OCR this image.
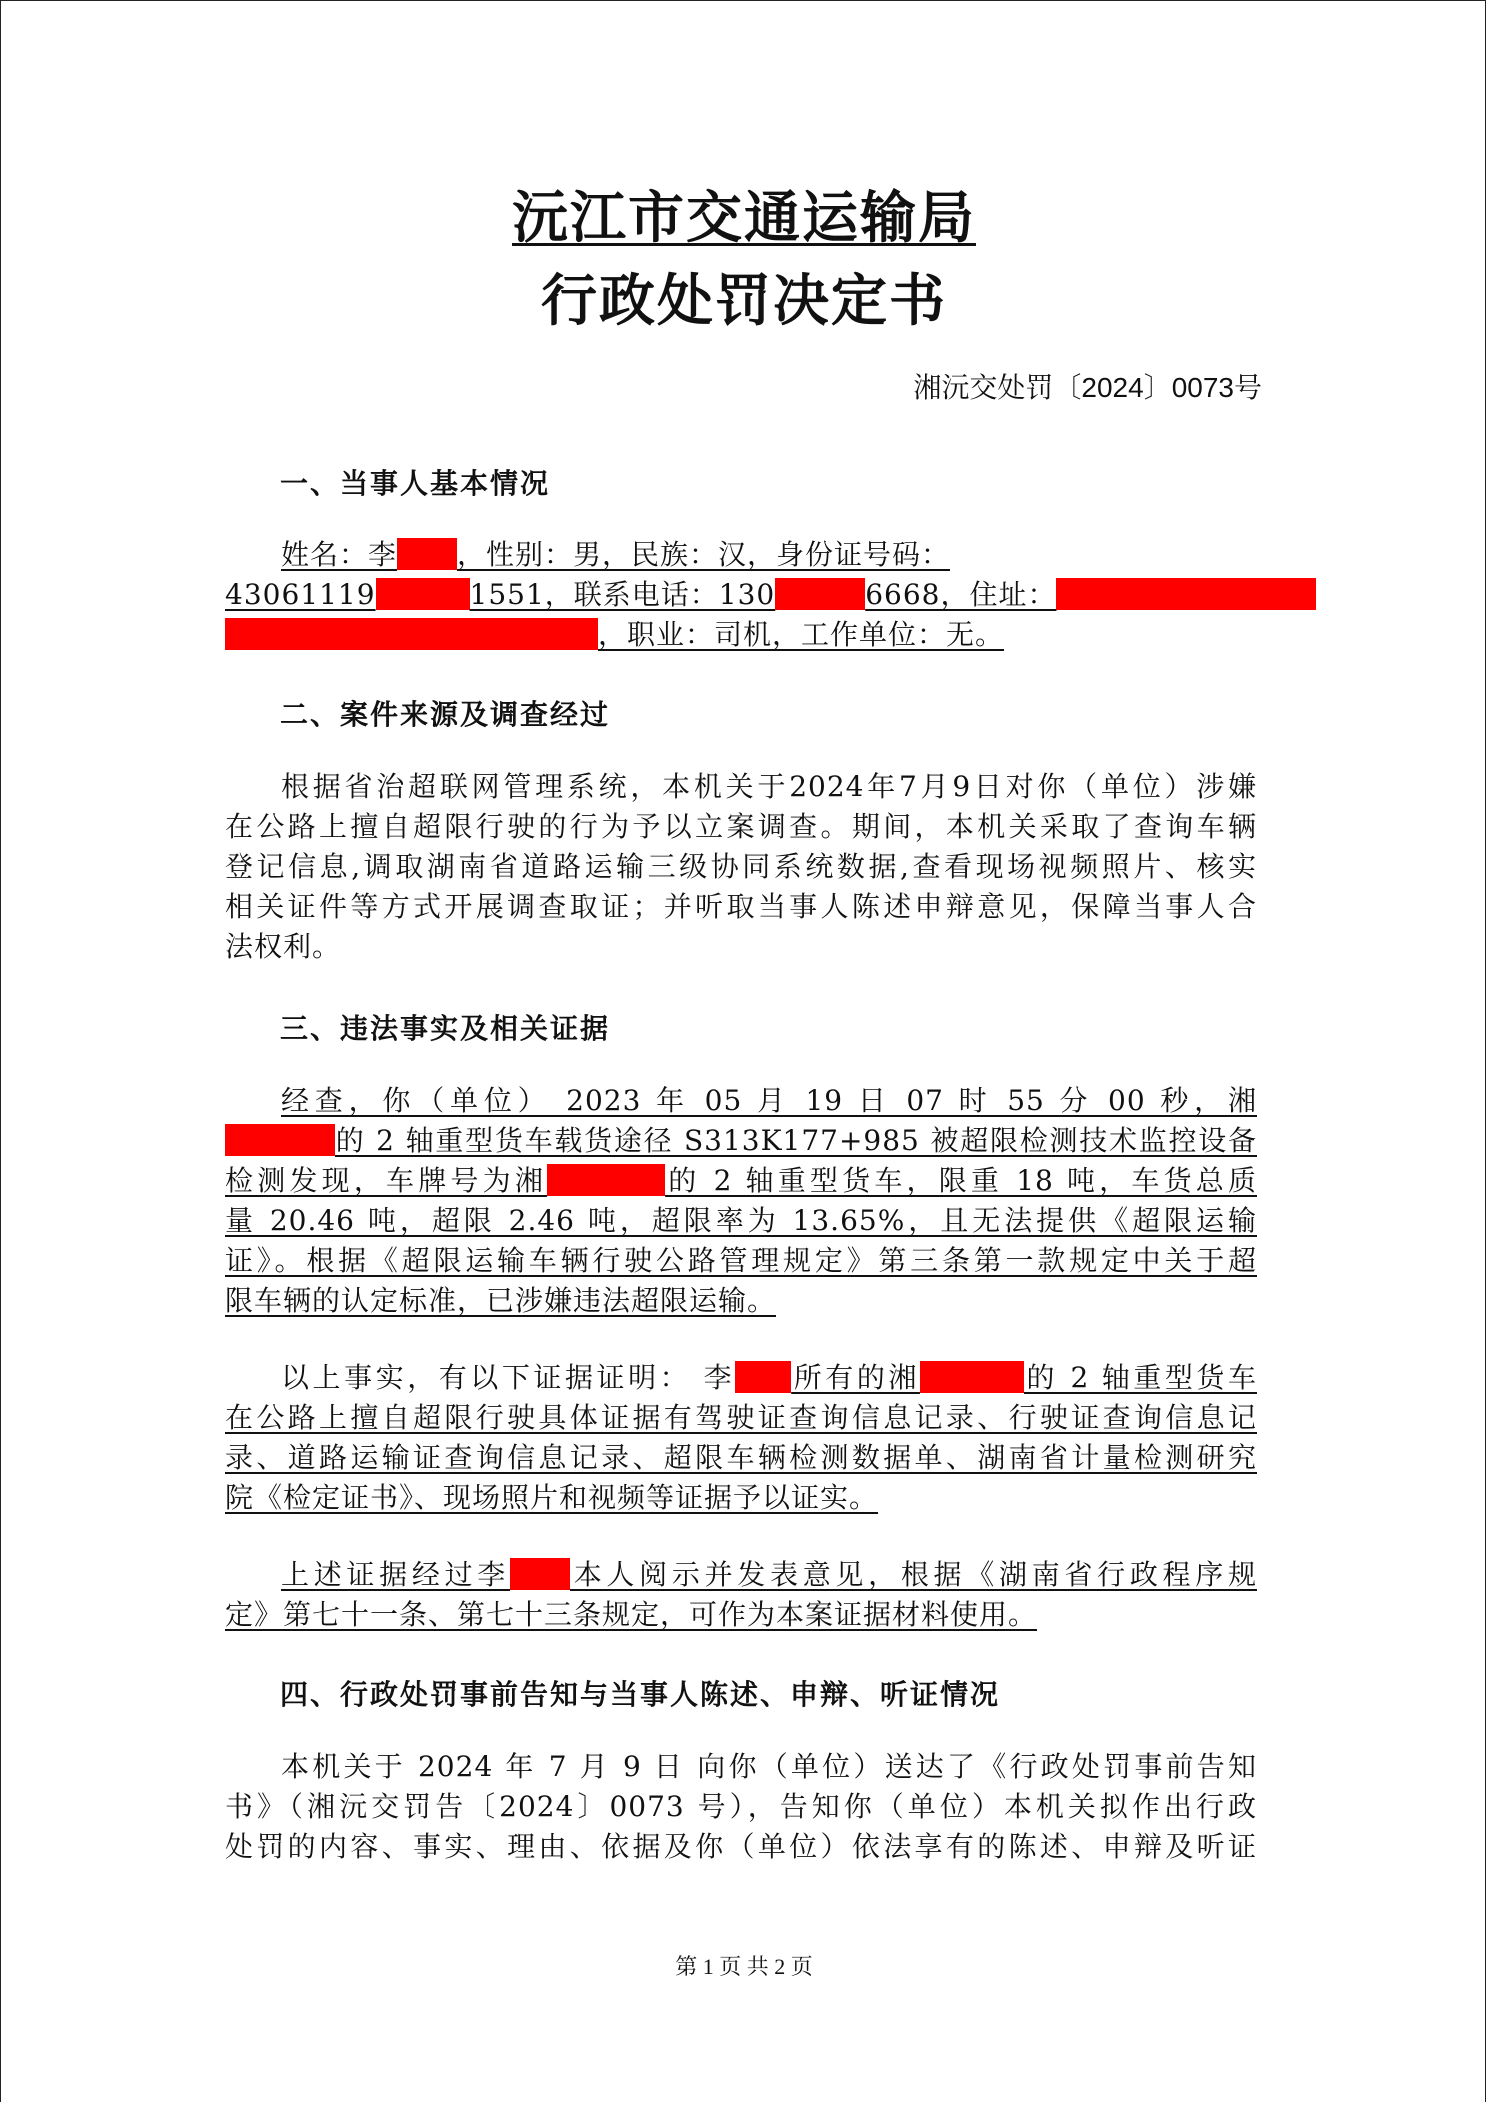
沅江市交通运输局
行政处罚决定书
湘沅交处罚〔2024〕0073号
一、当事人基本情况
姓名：李 ，性别：男，民族：汉，身份证号码：
43061119	1551，联系电话：130	6668，住址：
，职业：司机，工作单位：无。
二、案件来源及调查经过
根据省治超联网管理系统，本机关于2024年7月9日对你（单位）涉嫌
在公路上擅自超限行驶的行为予以立案调查。期间，本机关采取了查询车辆
登记信息,调取湖南省道路运输三级协同系统数据,查看现场视频照片、核实
相关证件等方式开展调查取证；并听取当事人陈述申辩意见，保障当事人合
法权利。
三、违法事实及相关证据
经查，你（单位） 2023 年 05 月 19 日 07 时 55 分 00 秒，湘
的 2 轴重型货车载货途径 S313K177+985 被超限检测技术监控设备
检测发现，车牌号为湘	的 2 轴重型货车，限重 18 吨，车货总质
量 20.46 吨，超限 2.46 吨，超限率为 13.65%，且无法提供《超限运输
证》。根据《超限运输车辆行驶公路管理规定》第三条第一款规定中关于超
限车辆的认定标准，已涉嫌违法超限运输。
以上事实，有以下证据证明： 李 所有的湘	的 2 轴重型货车
在公路上擅自超限行驶具体证据有驾驶证查询信息记录、行驶证查询信息记
录、道路运输证查询信息记录、超限车辆检测数据单、湖南省计量检测研究
院《检定证书》、现场照片和视频等证据予以证实。
上述证据经过李 本人阅示并发表意见，根据《湖南省行政程序规
定》第七十一条、第七十三条规定，可作为本案证据材料使用。
四、行政处罚事前告知与当事人陈述、申辩、听证情况
本机关于 2024 年 7 月 9 日 向你（单位）送达了《行政处罚事前告知
书》（湘沅交罚告〔2024〕0073 号），告知你（单位）本机关拟作出行政
处罚的内容、事实、理由、依据及你（单位）依法享有的陈述、申辩及听证
第 1 页 共 2 页
